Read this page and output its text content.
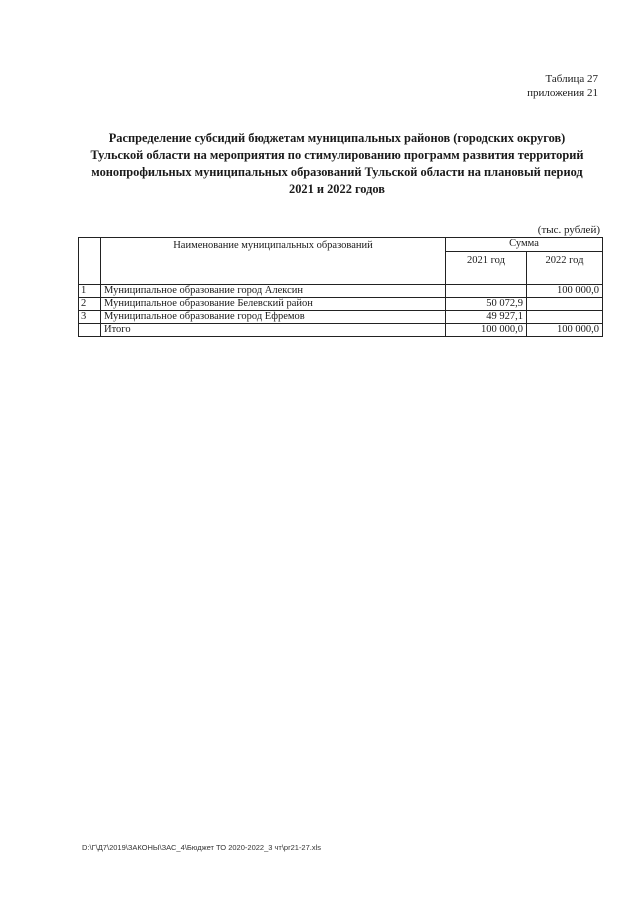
Таблица 27
приложения 21
Распределение субсидий бюджетам муниципальных районов (городских округов)
Тульской области на мероприятия по стимулированию программ развития территорий
монопрофильных муниципальных образований Тульской области на плановый период
2021 и 2022 годов
(тыс. рублей)
	Наименование муниципальных образований	Сумма	
		2021 год	2022 год
1	Муниципальное образование город Алексин		100 000,0
2	Муниципальное образование Белевский район	50 072,9	
3	Муниципальное образование город Ефремов	49 927,1	
	Итого	100 000,0	100 000,0
D:\Г\Д7\2019\ЗАКОНЫ\ЗАС_4\Бюджет ТО 2020-2022_3 чт\pr21-27.xls
